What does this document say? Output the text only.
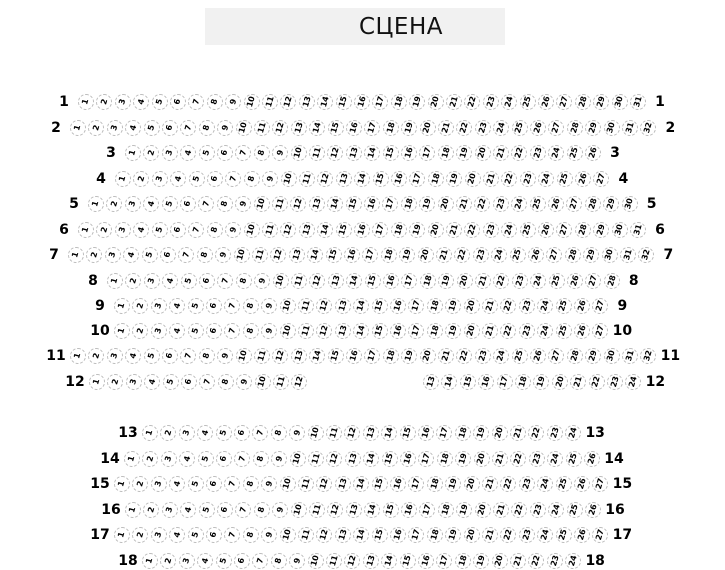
СЦЕНА
1 1 2 3 4 5 6 7 8 9 10 11 12 13 14 15 16 17 18 19 20 21 22 23 24 25 26 27 28 29 30 31 1
2 1 2 3 4 5 6 7 8 9 10 11 12 13 14 15 16 17 18 19 20 21 22 23 24 25 26 27 28 29 30 31 32 2
3 1 2 3 4 5 6 7 8 9 10 11 12 13 14 15 16 17 18 19 20 21 22 23 24 25 26 3
4 1 2 3 4 5 6 7 8 9 10 11 12 13 14 15 16 17 18 19 20 21 22 23 24 25 26 27 4
5 1 2 3 4 5 6 7 8 9 10 11 12 13 14 15 16 17 18 19 20 21 22 23 24 25 26 27 28 29 30 5
6 1 2 3 4 5 6 7 8 9 10 11 12 13 14 15 16 17 18 19 20 21 22 23 24 25 26 27 28 29 30 31 6
7 1 2 3 4 5 6 7 8 9 10 11 12 13 14 15 16 17 18 19 20 21 22 23 24 25 26 27 28 29 30 31 32 7
8 1 2 3 4 5 6 7 8 9 10 11 12 13 14 15 16 17 18 19 20 21 22 23 24 25 26 27 28 8
9 1 2 3 4 5 6 7 8 9 10 11 12 13 14 15 16 17 18 19 20 21 22 23 24 25 26 27 9
10 1 2 3 4 5 6 7 8 9 10 11 12 13 14 15 16 17 18 19 20 21 22 23 24 25 26 27 10
11 1 2 3 4 5 6 7 8 9 10 11 12 13 14 15 16 17 18 19 20 21 22 23 24 25 26 27 28 29 30 31 32 11
12 1 2 3 4 5 6 7 8 9 10 11 12	13 14 15 16 17 18 19 20 21 22 23 24 12
13 1 2 3 4 5 6 7 8 9 10 11 12 13 14 15 16 17 18 19 20 21 22 23 24 13
14 1 2 3 4 5 6 7 8 9 10 11 12 13 14 15 16 17 18 19 20 21 22 23 24 25 26 14
15 1 2 3 4 5 6 7 8 9 10 11 12 13 14 15 16 17 18 19 20 21 22 23 24 25 26 27 15
16 1 2 3 4 5 6 7 8 9 10 11 12 13 14 15 16 17 18 19 20 21 22 23 24 25 26 16
17 1 2 3 4 5 6 7 8 9 10 11 12 13 14 15 16 17 18 19 20 21 22 23 24 25 26 27 17
18 1 2 3 4 5 6 7 8 9 10 11 12 13 14 15 16 17 18 19 20 21 22 23 24 18
